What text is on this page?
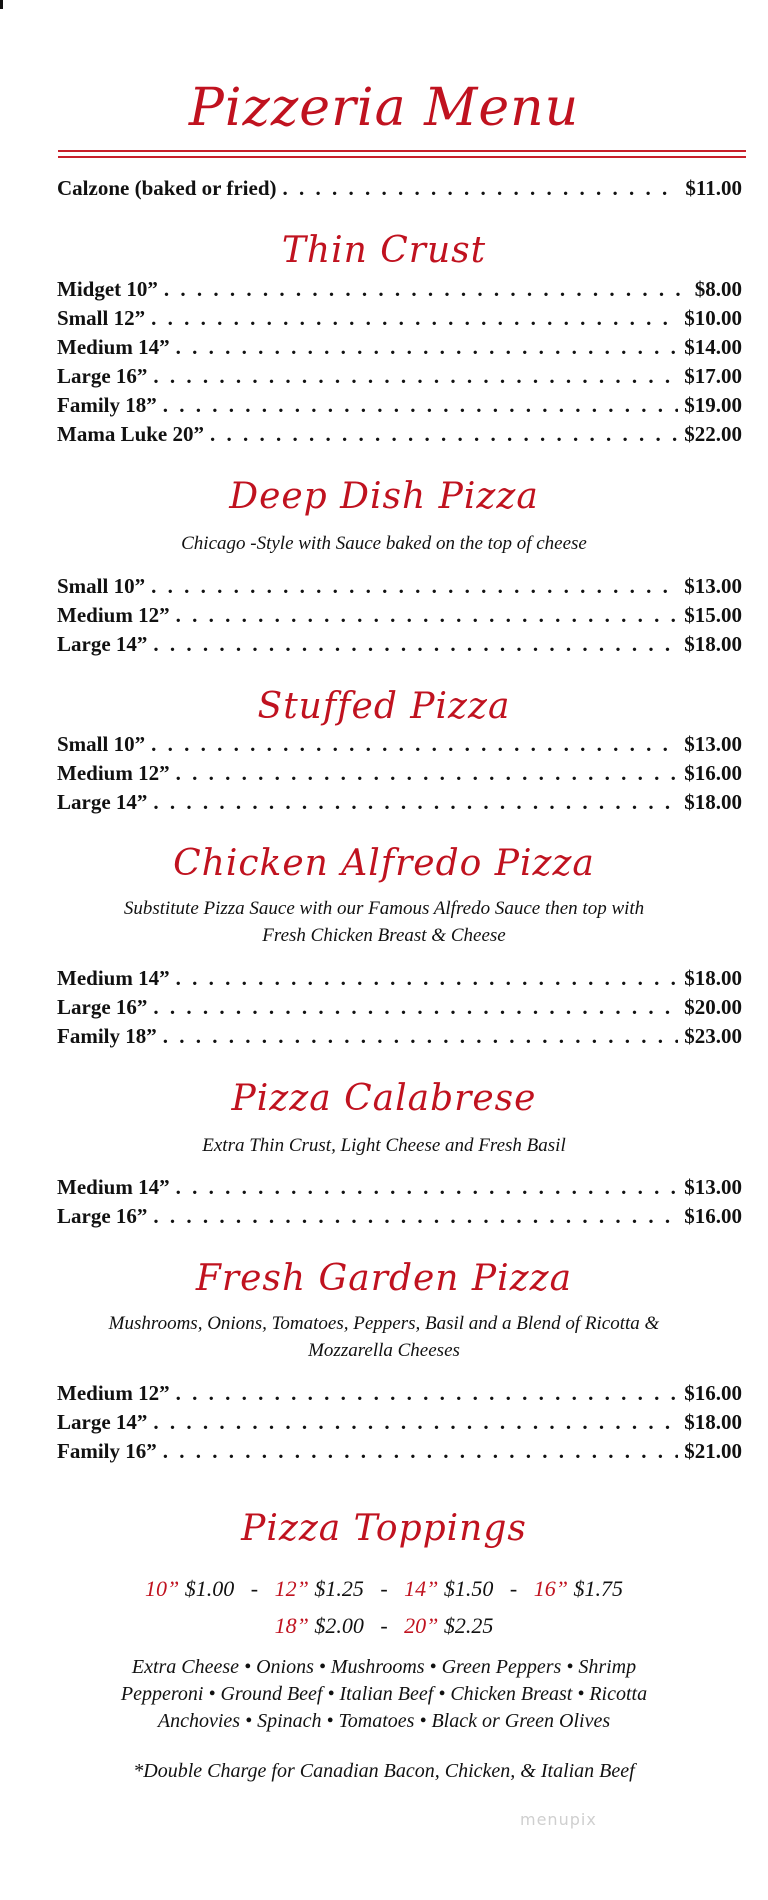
Pizzeria Menu
Calzone (baked or fried) . . .	$11.00
Thin Crust
Midget 10” . . .	$8.00
Small 12” . . .	$10.00
Medium 14” . . .	$14.00
Large 16” . . .	$17.00
Family 18” . . .	$19.00
Mama Luke 20” . . .	$22.00
Deep Dish Pizza
Chicago -Style with Sauce baked on the top of cheese
Small 10” . . .	$13.00
Medium 12” . . .	$15.00
Large 14” . . .	$18.00
Stuffed Pizza
Small 10” . . .	$13.00
Medium 12” . . .	$16.00
Large 14” . . .	$18.00
Chicken Alfredo Pizza
Substitute Pizza Sauce with our Famous Alfredo Sauce then top with
Fresh Chicken Breast & Cheese
Medium 14” . . .	$18.00
Large 16” . . .	$20.00
Family 18” . . .	$23.00
Pizza Calabrese
Extra Thin Crust, Light Cheese and Fresh Basil
Medium 14” . . .	$13.00
Large 16” . . .	$16.00
Fresh Garden Pizza
Mushrooms, Onions, Tomatoes, Peppers, Basil and a Blend of Ricotta &
Mozzarella Cheeses
Medium 12” . . .	$16.00
Large 14” . . .	$18.00
Family 16” . . .	$21.00
Pizza Toppings
10” $1.00 - 12” $1.25 - 14” $1.50 - 16” $1.75
18” $2.00 - 20” $2.25
Extra Cheese • Onions • Mushrooms • Green Peppers • Shrimp
Pepperoni • Ground Beef • Italian Beef • Chicken Breast • Ricotta
Anchovies • Spinach • Tomatoes • Black or Green Olives
*Double Charge for Canadian Bacon, Chicken, & Italian Beef
menupix
